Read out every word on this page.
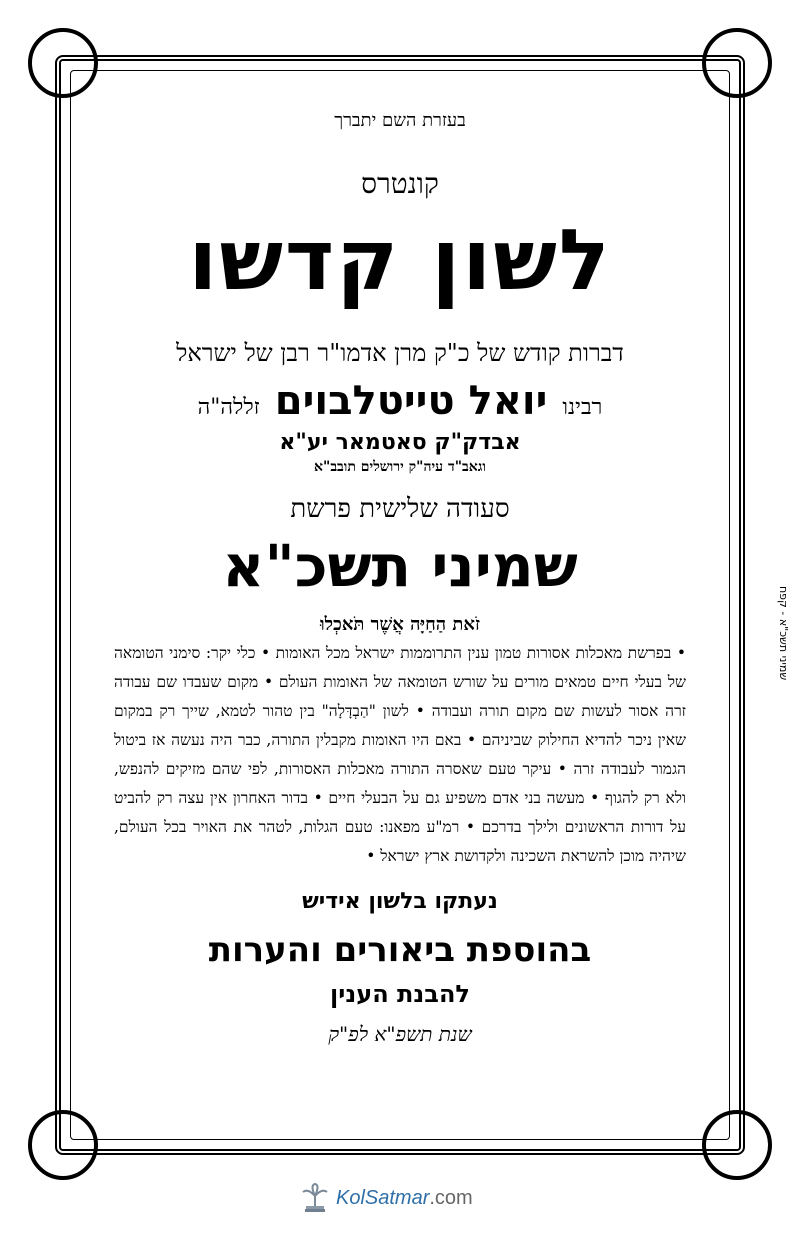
בעזרת השם יתברך
קונטרס
לשון קדשו
דברות קודש של כ"ק מרן אדמו"ר רבן של ישראל
רבינו יואל טייטלבוים זללה"ה
אבדק"ק סאטמאר יע"א
וגאב"ד עיה"ק ירושלים תובב"א
סעודה שלישית פרשת
שמיני תשכ"א
זֹאת הַחַיָּה אֲשֶׁר תֹּאכְלוּ
• בפרשת מאכלות אסורות טמון ענין התרוממות ישראל מכל האומות • כלי יקר: סימני הטומאה של בעלי חיים טמאים מורים על שורש הטומאה של האומות העולם • מקום שעבדו שם עבודה זרה אסור לעשות שם מקום תורה ועבודה • לשון "הַבְדָּלָה" בין טהור לטמא, שייך רק במקום שאין ניכר להדיא החילוק שביניהם • באם היו האומות מקבלין התורה, כבר היה נעשה אז ביטול הגמור לעבודה זרה • עיקר טעם שאסרה התורה מאכלות האסורות, לפי שהם מזיקים להנפש, ולא רק להגוף • מעשה בני אדם משפיע גם על הבעלי חיים • בדור האחרון אין עצה רק להביט על דורות הראשונים ולילך בדרכם • רמ"ע מפאנו: טעם הגלות, לטהר את האויר בכל העולם, שיהיה מוכן להשראת השכינה ולקדושת ארץ ישראל •
נעתקו בלשון אידיש
בהוספת ביאורים והערות
להבנת הענין
שנת תשפ"א לפ"ק
שמיני תשכ"א - קפח
KolSatmar.com
